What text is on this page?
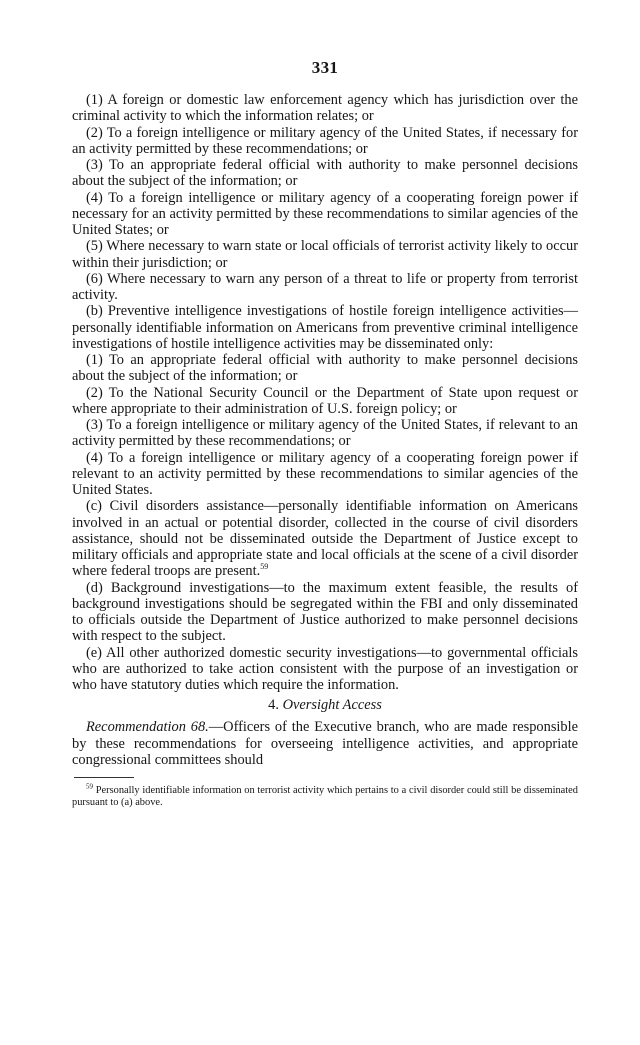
331

(1) A foreign or domestic law enforcement agency which has jurisdiction over the criminal activity to which the information relates; or

(2) To a foreign intelligence or military agency of the United States, if necessary for an activity permitted by these recommendations; or

(3) To an appropriate federal official with authority to make personnel decisions about the subject of the information; or

(4) To a foreign intelligence or military agency of a cooperating foreign power if necessary for an activity permitted by these recommendations to similar agencies of the United States; or

(5) Where necessary to warn state or local officials of terrorist activity likely to occur within their jurisdiction; or

(6) Where necessary to warn any person of a threat to life or property from terrorist activity.

(b) Preventive intelligence investigations of hostile foreign intelligence activities—personally identifiable information on Americans from preventive criminal intelligence investigations of hostile intelligence activities may be disseminated only:

(1) To an appropriate federal official with authority to make personnel decisions about the subject of the information; or

(2) To the National Security Council or the Department of State upon request or where appropriate to their administration of U.S. foreign policy; or

(3) To a foreign intelligence or military agency of the United States, if relevant to an activity permitted by these recommendations; or

(4) To a foreign intelligence or military agency of a cooperating foreign power if relevant to an activity permitted by these recommendations to similar agencies of the United States.

(c) Civil disorders assistance—personally identifiable information on Americans involved in an actual or potential disorder, collected in the course of civil disorders assistance, should not be disseminated outside the Department of Justice except to military officials and appropriate state and local officials at the scene of a civil disorder where federal troops are present.$^{59}$

(d) Background investigations—to the maximum extent feasible, the results of background investigations should be segregated within the FBI and only disseminated to officials outside the Department of Justice authorized to make personnel decisions with respect to the subject.

(e) All other authorized domestic security investigations—to governmental officials who are authorized to take action consistent with the purpose of an investigation or who have statutory duties which require the information.

4. Oversight Access

Recommendation 68.—Officers of the Executive branch, who are made responsible by these recommendations for overseeing intelligence activities, and appropriate congressional committees should

$^{59}$ Personally identifiable information on terrorist activity which pertains to a civil disorder could still be disseminated pursuant to (a) above.
